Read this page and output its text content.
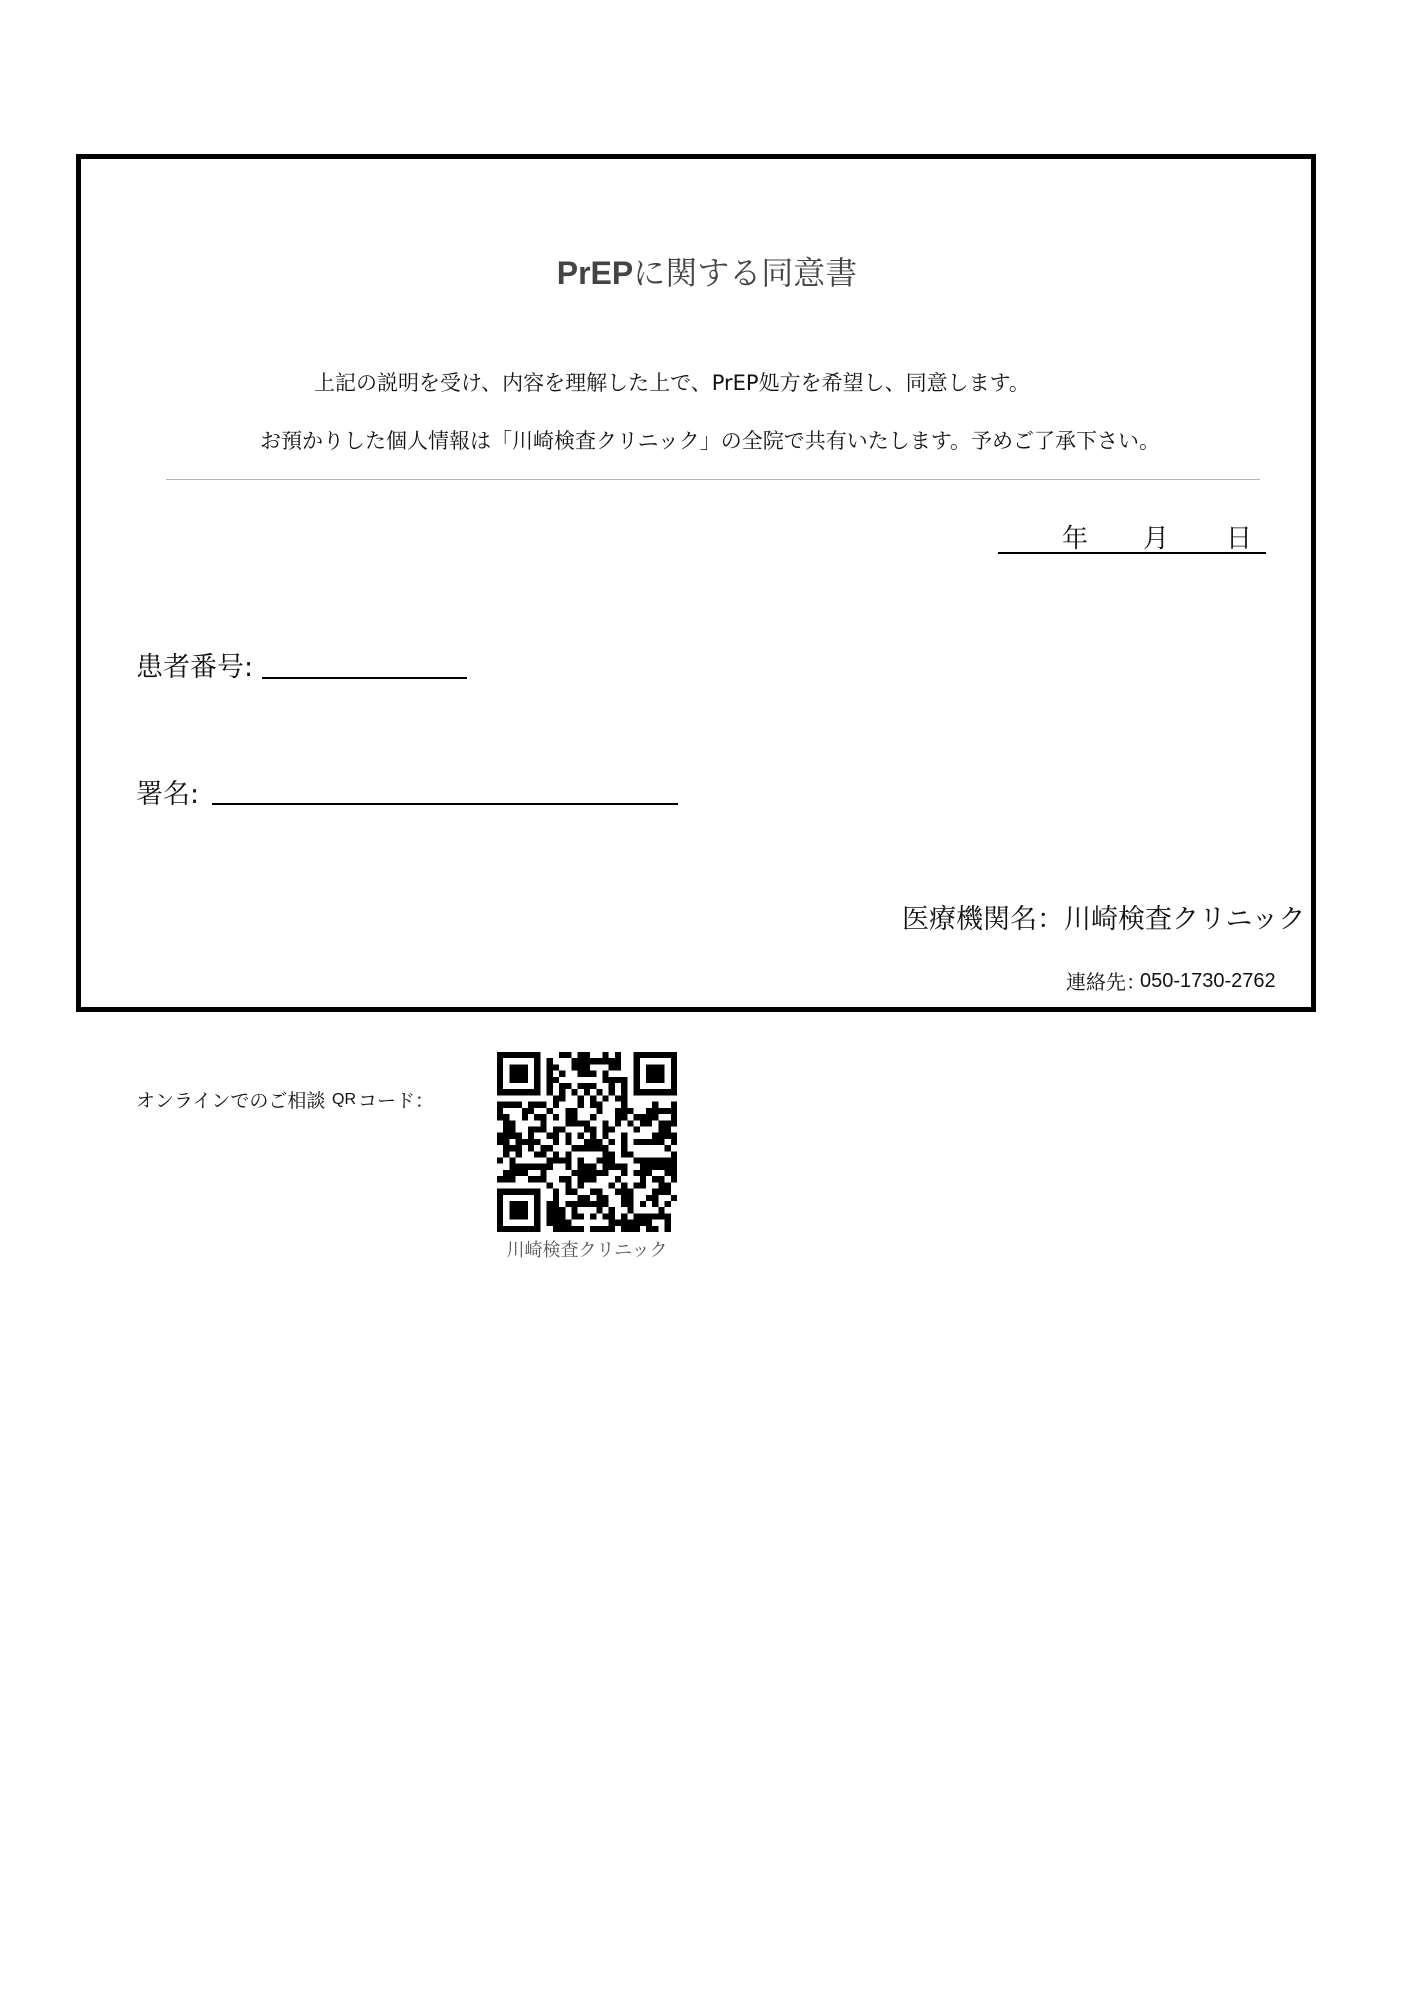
PrEPに関する同意書
上記の説明を受け、内容を理解した上で、PrEP処方を希望し、同意します。
お預かりした個人情報は「川崎検査クリニック」の全院で共有いたします。予めご了承下さい。
年 月 日
患者番号:
署名:
医療機関名：川崎検査クリニック
連絡先：
050-1730-2762
オンラインでのご相談 QR コード：
川崎検査クリニック
